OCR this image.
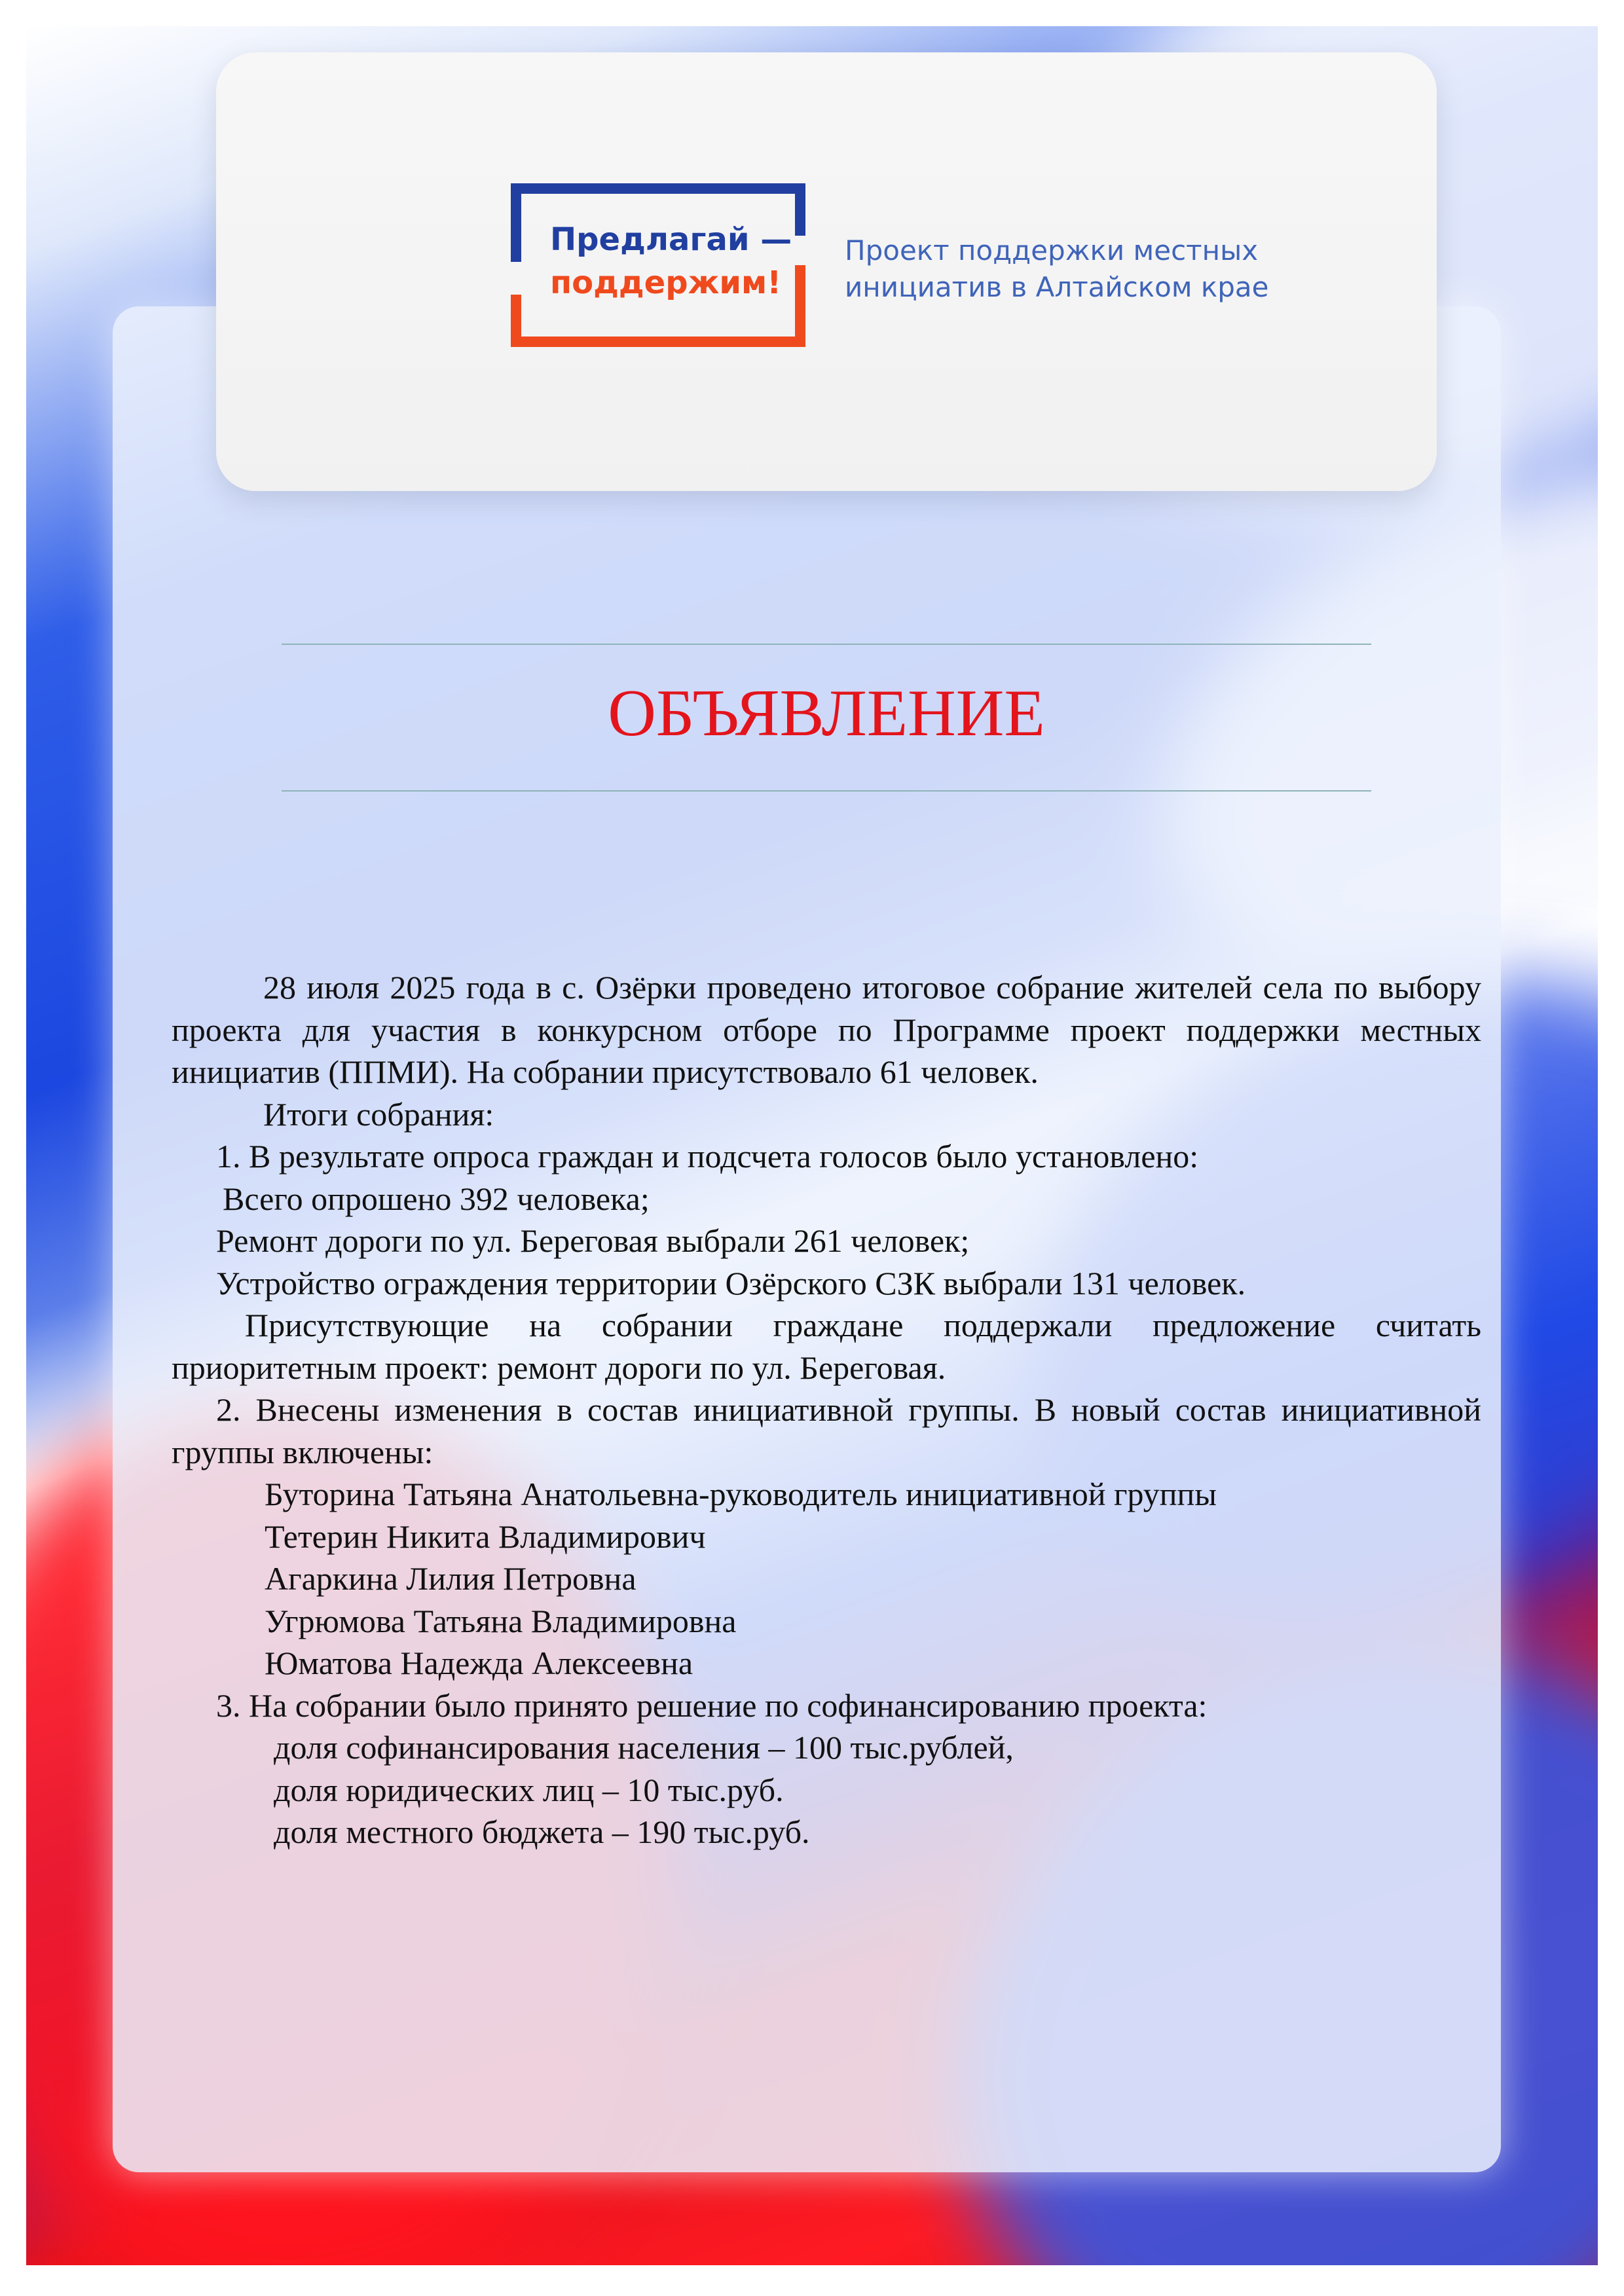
Предлагай —
поддержим!
Проект поддержки местных инициатив в Алтайском крае
ОБЪЯВЛЕНИЕ

28 июля 2025 года в с. Озёрки проведено итоговое собрание жителей села по выбору проекта для участия в конкурсном отборе по Программе проект поддержки местных инициатив (ППМИ). На собрании присутствовало 61 человек.

Итоги собрания:

1. В результате опроса граждан и подсчета голосов было установлено:

Всего опрошено 392 человека;

Ремонт дороги по ул. Береговая выбрали 261 человек;

Устройство ограждения территории Озёрского СЗК выбрали 131 человек.

Присутствующие на собрании граждане поддержали предложение считать приоритетным проект: ремонт дороги по ул. Береговая.

2. Внесены изменения в состав инициативной группы. В новый состав инициативной группы включены:

Буторина Татьяна Анатольевна-руководитель инициативной группы

Тетерин Никита Владимирович

Агаркина Лилия Петровна

Угрюмова Татьяна Владимировна

Юматова Надежда Алексеевна

3. На собрании было принято решение по софинансированию проекта:

доля софинансирования населения – 100 тыс.рублей,

доля юридических лиц – 10 тыс.руб.

доля местного бюджета – 190 тыс.руб.
